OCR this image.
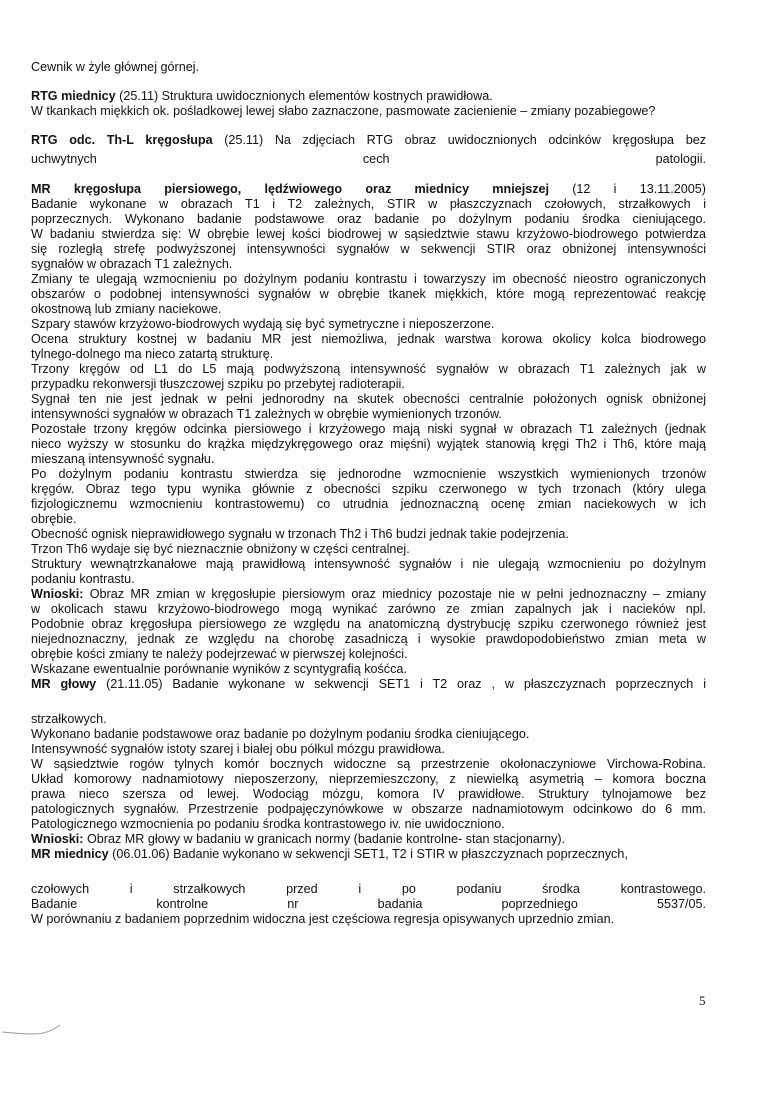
Cewnik w żyle głównej górnej.

RTG miednicy (25.11) Struktura uwidocznionych elementów kostnych prawidłowa.

W tkankach miękkich ok. pośladkowej lewej słabo zaznaczone, pasmowate zacienienie – zmiany pozabiegowe?

RTG odc. Th-L kręgosłupa (25.11) Na zdjęciach RTG obraz uwidocznionych odcinków kręgosłupa bez

uchwytnych cech patologii.

MR kręgosłupa piersiowego, lędźwiowego oraz miednicy mniejszej (12 i 13.11.2005)

Badanie wykonane w obrazach T1 i T2 zależnych, STIR w płaszczyznach czołowych, strzałkowych i

poprzecznych. Wykonano badanie podstawowe oraz badanie po dożylnym podaniu środka cieniującego.

W badaniu stwierdza się: W obrębie lewej kości biodrowej w sąsiedztwie stawu krzyżowo-biodrowego potwierdza

się rozległą strefę podwyższonej intensywności sygnałów w sekwencji STIR oraz obniżonej intensywności

sygnałów w obrazach T1 zależnych.

Zmiany te ulegają wzmocnieniu po dożylnym podaniu kontrastu i towarzyszy im obecność nieostro ograniczonych

obszarów o podobnej intensywności sygnałów w obrębie tkanek miękkich, które mogą reprezentować reakcję

okostnową lub zmiany naciekowe.

Szpary stawów krzyżowo-biodrowych wydają się być symetryczne i nieposzerzone.

Ocena struktury kostnej w badaniu MR jest niemożliwa, jednak warstwa korowa okolicy kolca biodrowego

tylnego-dolnego ma nieco zatartą strukturę.

Trzony kręgów od L1 do L5 mają podwyższoną intensywność sygnałów w obrazach T1 zależnych jak w

przypadku rekonwersji tłuszczowej szpiku po przebytej radioterapii.

Sygnał ten nie jest jednak w pełni jednorodny na skutek obecności centralnie położonych ognisk obniżonej

intensywności sygnałów w obrazach T1 zależnych w obrębie wymienionych trzonów.

Pozostałe trzony kręgów odcinka piersiowego i krzyżowego mają niski sygnał w obrazach T1 zależnych (jednak

nieco wyższy w stosunku do krążka międzykręgowego oraz mięśni) wyjątek stanowią kręgi Th2 i Th6, które mają

mieszaną intensywność sygnału.

Po dożylnym podaniu kontrastu stwierdza się jednorodne wzmocnienie wszystkich wymienionych trzonów

kręgów. Obraz tego typu wynika głównie z obecności szpiku czerwonego w tych trzonach (który ulega

fizjologicznemu wzmocnieniu kontrastowemu) co utrudnia jednoznaczną ocenę zmian naciekowych w ich

obrębie.

Obecność ognisk nieprawidłowego sygnału w trzonach Th2 i Th6 budzi jednak takie podejrzenia.

Trzon Th6 wydaje się być nieznacznie obniżony w części centralnej.

Struktury wewnątrzkanałowe mają prawidłową intensywność sygnałów i nie ulegają wzmocnieniu po dożylnym

podaniu kontrastu.

Wnioski: Obraz MR zmian w kręgosłupie piersiowym oraz miednicy pozostaje nie w pełni jednoznaczny – zmiany

w okolicach stawu krzyżowo-biodrowego mogą wynikać zarówno ze zmian zapalnych jak i nacieków npl.

Podobnie obraz kręgosłupa piersiowego ze względu na anatomiczną dystrybucję szpiku czerwonego również jest

niejednoznaczny, jednak ze względu na chorobę zasadniczą i wysokie prawdopodobieństwo zmian meta w

obrębie kości zmiany te należy podejrzewać w pierwszej kolejności.

Wskazane ewentualnie porównanie wyników z scyntygrafią kośćca.

MR głowy (21.11.05) Badanie wykonane w sekwencji SET1 i T2 oraz , w płaszczyznach poprzecznych i

strzałkowych.

Wykonano badanie podstawowe oraz badanie po dożylnym podaniu środka cieniującego.

Intensywność sygnałów istoty szarej i białej obu półkul mózgu prawidłowa.

W sąsiedztwie rogów tylnych komór bocznych widoczne są przestrzenie okołonaczyniowe Virchowa-Robina.

Układ komorowy nadnamiotowy nieposzerzony, nieprzemieszczony, z niewielką asymetrią – komora boczna

prawa nieco szersza od lewej. Wodociąg mózgu, komora IV prawidłowe. Struktury tylnojamowe bez

patologicznych sygnałów. Przestrzenie podpajęczynówkowe w obszarze nadnamiotowym odcinkowo do 6 mm.

Patologicznego wzmocnienia po podaniu środka kontrastowego iv. nie uwidoczniono.

Wnioski: Obraz MR głowy w badaniu w granicach normy (badanie kontrolne- stan stacjonarny).

MR miednicy (06.01.06) Badanie wykonano w sekwencji SET1, T2 i STIR w płaszczyznach poprzecznych,

czołowych i strzałkowych przed i po podaniu środka kontrastowego.

Badanie kontrolne nr badania poprzedniego 5537/05.

W porównaniu z badaniem poprzednim widoczna jest częściowa regresja opisywanych uprzednio zmian.

5
